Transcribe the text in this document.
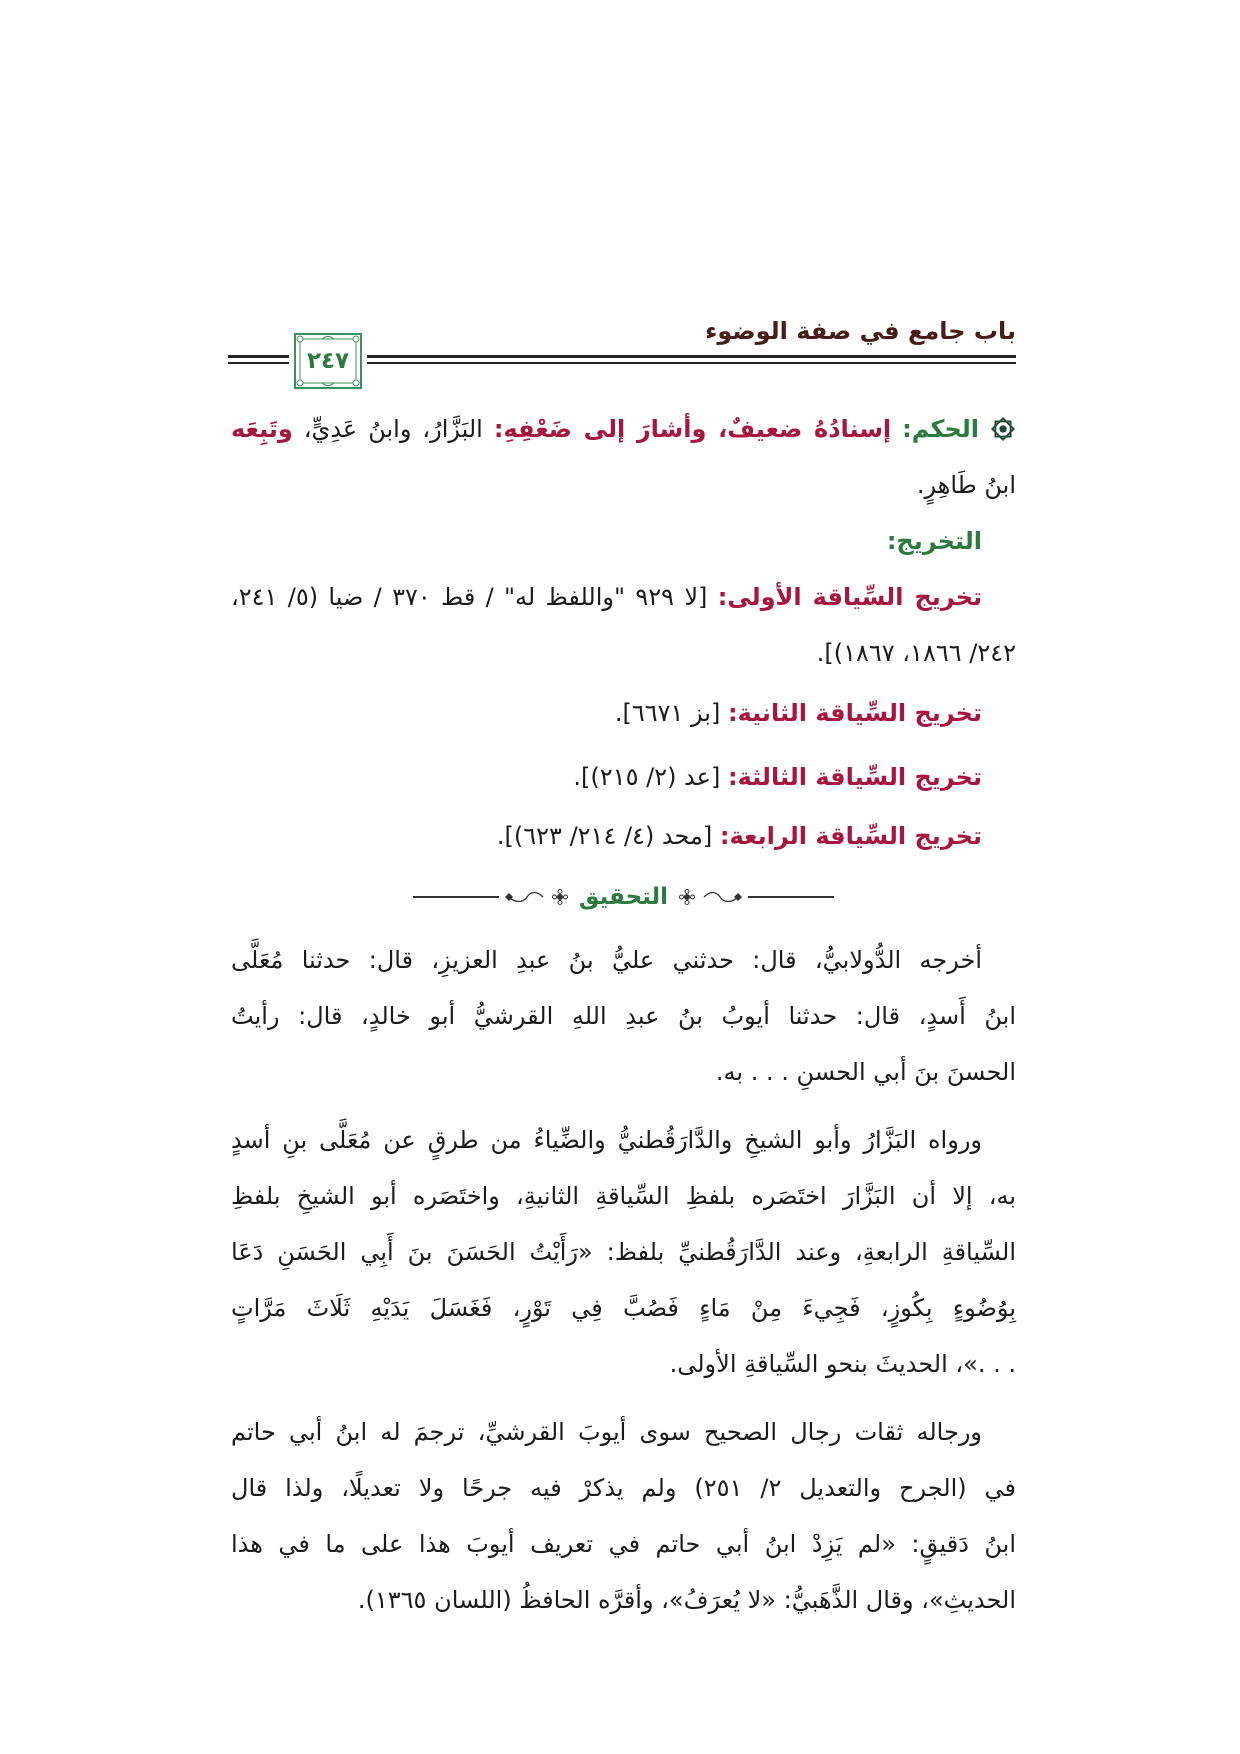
باب جامع في صفة الوضوء
٢٤٧
الحكم: إسنادُهُ ضعيفٌ، وأشارَ إلى ضَعْفِهِ: البَزَّارُ، وابنُ عَدِيٍّ، وتَبِعَه
ابنُ طَاهِرٍ.
التخريج:
تخريج السِّياقة الأولى: [لا ٩٢٩ "واللفظ له" / قط ٣٧٠ / ضيا (٥/ ٢٤١، ٢٤٢/ ١٨٦٦، ١٨٦٧)].
تخريج السِّياقة الثانية: [بز ٦٦٧١].
تخريج السِّياقة الثالثة: [عد (٢/ ٢١٥)].
تخريج السِّياقة الرابعة: [محد (٤/ ٢١٤/ ٦٢٣)].
التحقيق
أخرجه الدُّولابيُّ، قال: حدثني عليُّ بنُ عبدِ العزيزِ، قال: حدثنا مُعَلَّى
ابنُ أَسدٍ، قال: حدثنا أيوبُ بنُ عبدِ اللهِ القرشيُّ أبو خالدٍ، قال: رأيتُ
الحسنَ بنَ أبي الحسنِ . . . به.
ورواه البَزَّارُ وأبو الشيخِ والدَّارَقُطنيُّ والضِّياءُ من طرقٍ عن مُعَلَّى بنِ أسدٍ
به، إلا أن البَزَّارَ اختَصَره بلفظِ السِّياقةِ الثانيةِ، واختَصَره أبو الشيخِ بلفظِ
السِّياقةِ الرابعةِ، وعند الدَّارَقُطنيِّ بلفظ: «رَأَيْتُ الحَسَنَ بنَ أَبِي الحَسَنِ دَعَا
بِوُضُوءٍ بِكُوزٍ، فَجِيءَ مِنْ مَاءٍ فَصُبَّ فِي تَوْرٍ، فَغَسَلَ يَدَيْهِ ثَلَاثَ مَرَّاتٍ
. . .»، الحديثَ بنحو السِّياقةِ الأولى.
ورجاله ثقات رجال الصحيح سوى أيوبَ القرشيِّ، ترجمَ له ابنُ أبي حاتم
في (الجرح والتعديل ٢/ ٢٥١) ولم يذكرْ فيه جرحًا ولا تعديلًا، ولذا قال
ابنُ دَقيقٍ: «لم يَزِدْ ابنُ أبي حاتم في تعريف أيوبَ هذا على ما في هذا
الحديثِ»، وقال الذَّهَبيُّ: «لا يُعرَفُ»، وأقرَّه الحافظُ (اللسان ١٣٦٥).
